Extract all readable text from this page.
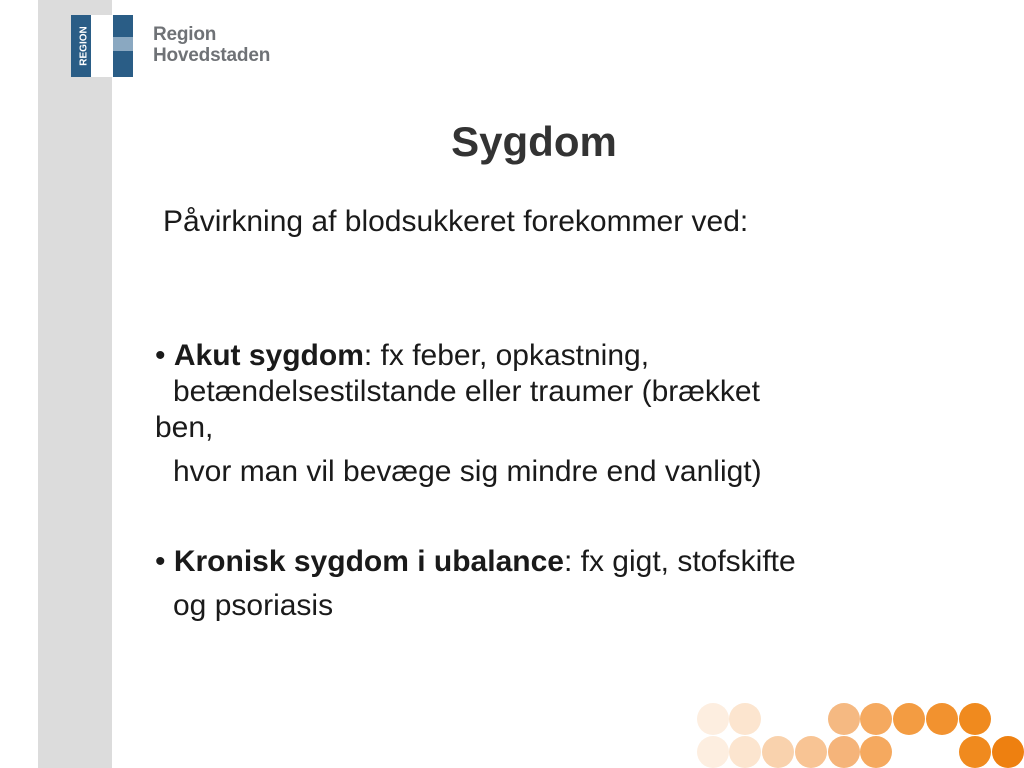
REGION	Region
Hovedstaden
Sygdom
Påvirkning af blodsukkeret forekommer ved:

• Akut sygdom: fx feber, opkastning,

betændelsestilstande eller traumer (brækket

ben,

hvor man vil bevæge sig mindre end vanligt)

• Kronisk sygdom i ubalance: fx gigt, stofskifte

og psoriasis
